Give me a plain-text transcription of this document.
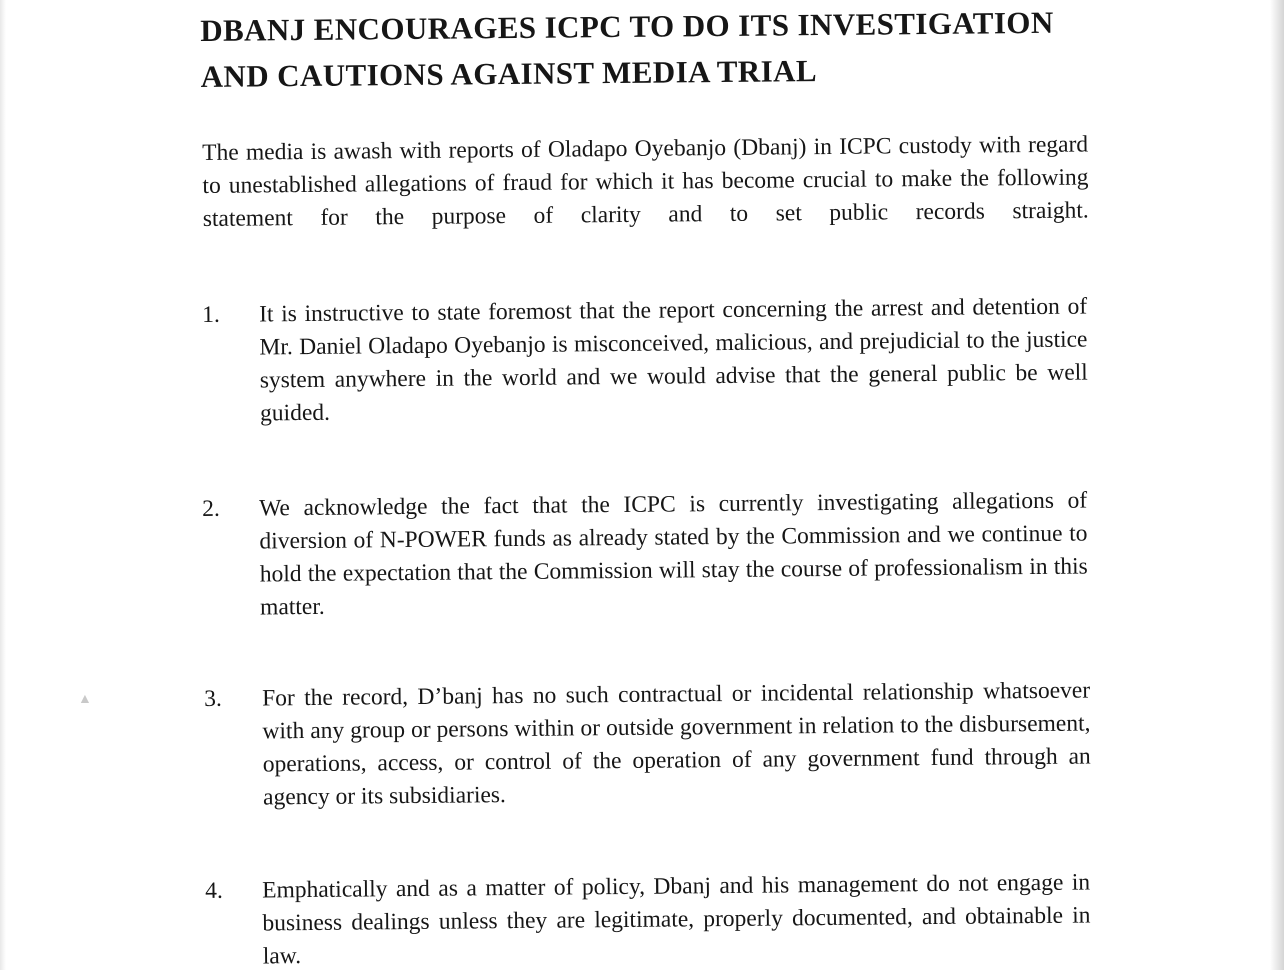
▲
DBANJ ENCOURAGES ICPC TO DO ITS INVESTIGATION
AND CAUTIONS AGAINST MEDIA TRIAL

The media is awash with reports of Oladapo Oyebanjo (Dbanj) in ICPC custody with regard to unestablished allegations of fraud for which it has become crucial to make the following statement for the purpose of clarity and to set public records straight.

1. It is instructive to state foremost that the report concerning the arrest and detention of Mr. Daniel Oladapo Oyebanjo is misconceived, malicious, and prejudicial to the justice system anywhere in the world and we would advise that the general public be well guided.

2. We acknowledge the fact that the ICPC is currently investigating allegations of diversion of N-POWER funds as already stated by the Commission and we continue to hold the expectation that the Commission will stay the course of professionalism in this matter.

3. For the record, D’banj has no such contractual or incidental relationship whatsoever with any group or persons within or outside government in relation to the disbursement, operations, access, or control of the operation of any government fund through an agency or its subsidiaries.

4. Emphatically and as a matter of policy, Dbanj and his management do not engage in business dealings unless they are legitimate, properly documented, and obtainable in law.
